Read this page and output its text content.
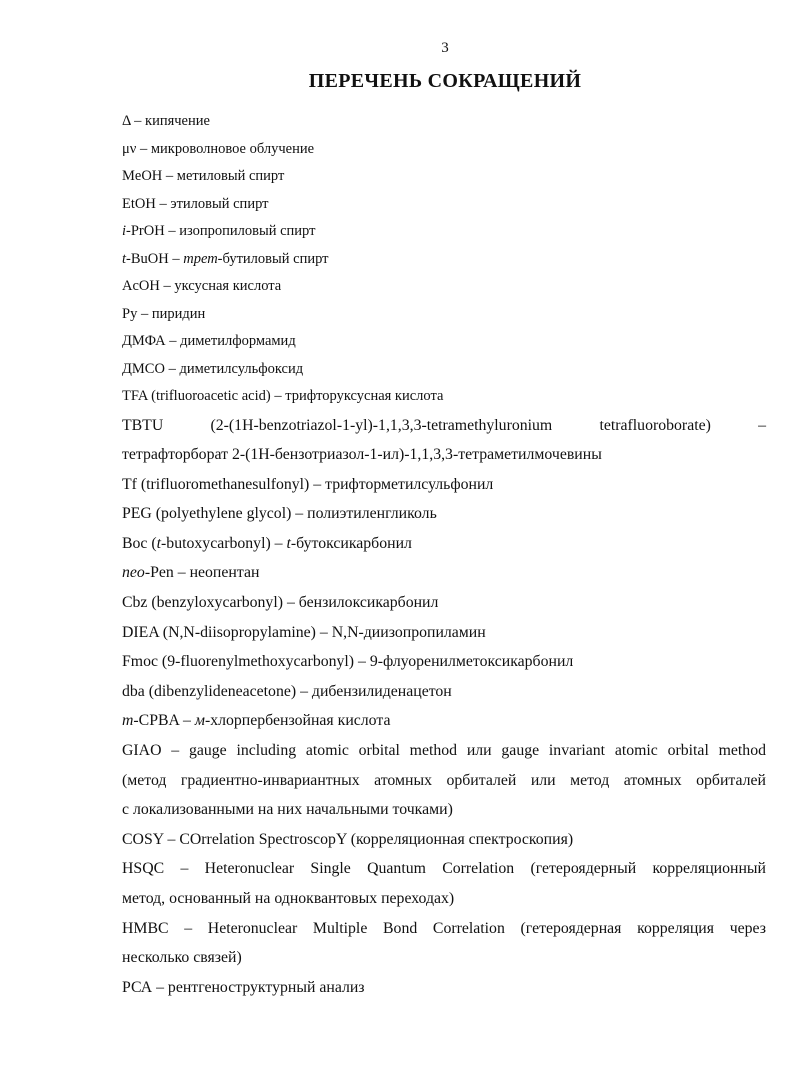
3
ПЕРЕЧЕНЬ СОКРАЩЕНИЙ
Δ – кипячение
μν – микроволновое облучение
MeOH – метиловый спирт
EtOH – этиловый спирт
i-PrOH – изопропиловый спирт
t-BuOH – трет-бутиловый спирт
AcOH – уксусная кислота
Py – пиридин
ДМФА – диметилформамид
ДМСО – диметилсульфоксид
TFA (trifluoroacetic acid) – трифторуксусная кислота
TBTU	(2-(1H-benzotriazol-1-yl)-1,1,3,3-tetramethyluronium	tetrafluoroborate)	–
тетрафторборат 2-(1H-бензотриазол-1-ил)-1,1,3,3-тетраметилмочевины
Tf (trifluoromethanesulfonyl) – трифторметилсульфонил
PEG (polyethylene glycol) – полиэтиленгликоль
Boc (t-butoxycarbonyl) – t-бутоксикарбонил
neo-Pen – неопентан
Cbz (benzyloxycarbonyl) – бензилоксикарбонил
DIEA (N,N-diisopropylamine) – N,N-диизопропиламин
Fmoc (9-fluorenylmethoxycarbonyl) – 9-флуоренилметоксикарбонил
dba (dibenzylideneacetone) – дибензилиденацетон
m-CPBA – м-хлорпербензойная кислота
GIAO – gauge including atomic orbital method или gauge invariant atomic orbital method
(метод градиентно-инвариантных атомных орбиталей или метод атомных орбиталей
с локализованными на них начальными точками)
COSY – COrrelation SpectroscopY (корреляционная спектроскопия)
HSQC – Heteronuclear Single Quantum Correlation (гетероядерный корреляционный
метод, основанный на одноквантовых переходах)
HMBC – Heteronuclear Multiple Bond Correlation (гетероядерная корреляция через
несколько связей)
РСА – рентгеноструктурный анализ
